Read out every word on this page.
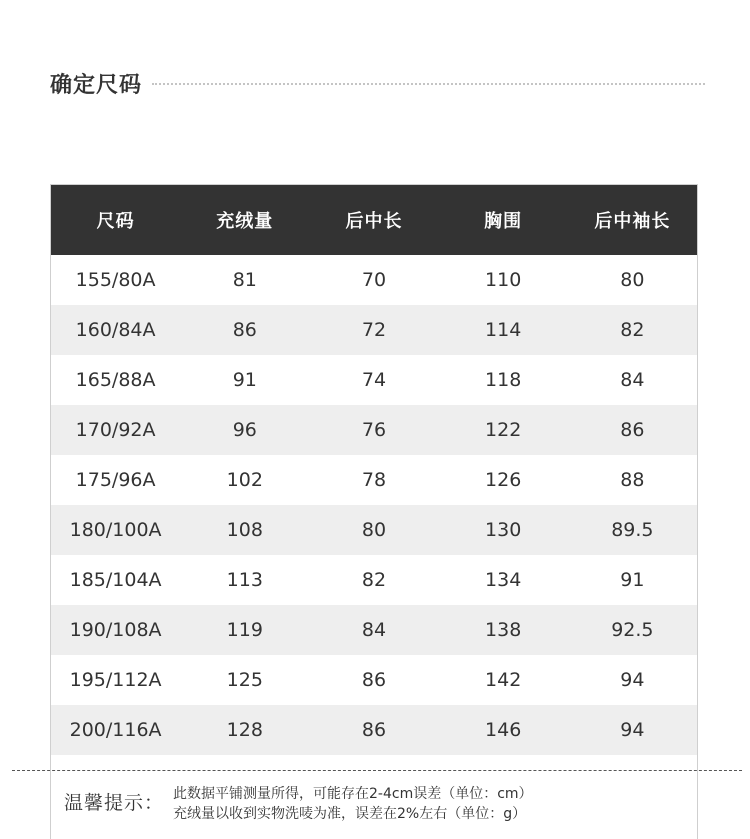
确定尺码
尺码	充绒量	后中长	胸围	后中袖长
155/80A	81	70	110	80
160/84A	86	72	114	82
165/88A	91	74	118	84
170/92A	96	76	122	86
175/96A	102	78	126	88
180/100A	108	80	130	89.5
185/104A	113	82	134	91
190/108A	119	84	138	92.5
195/112A	125	86	142	94
200/116A	128	86	146	94
温馨提示： 此数据平铺测量所得，可能存在2-4cm误差（单位：cm）
充绒量以收到实物洗唛为准，误差在2%左右（单位：g）
